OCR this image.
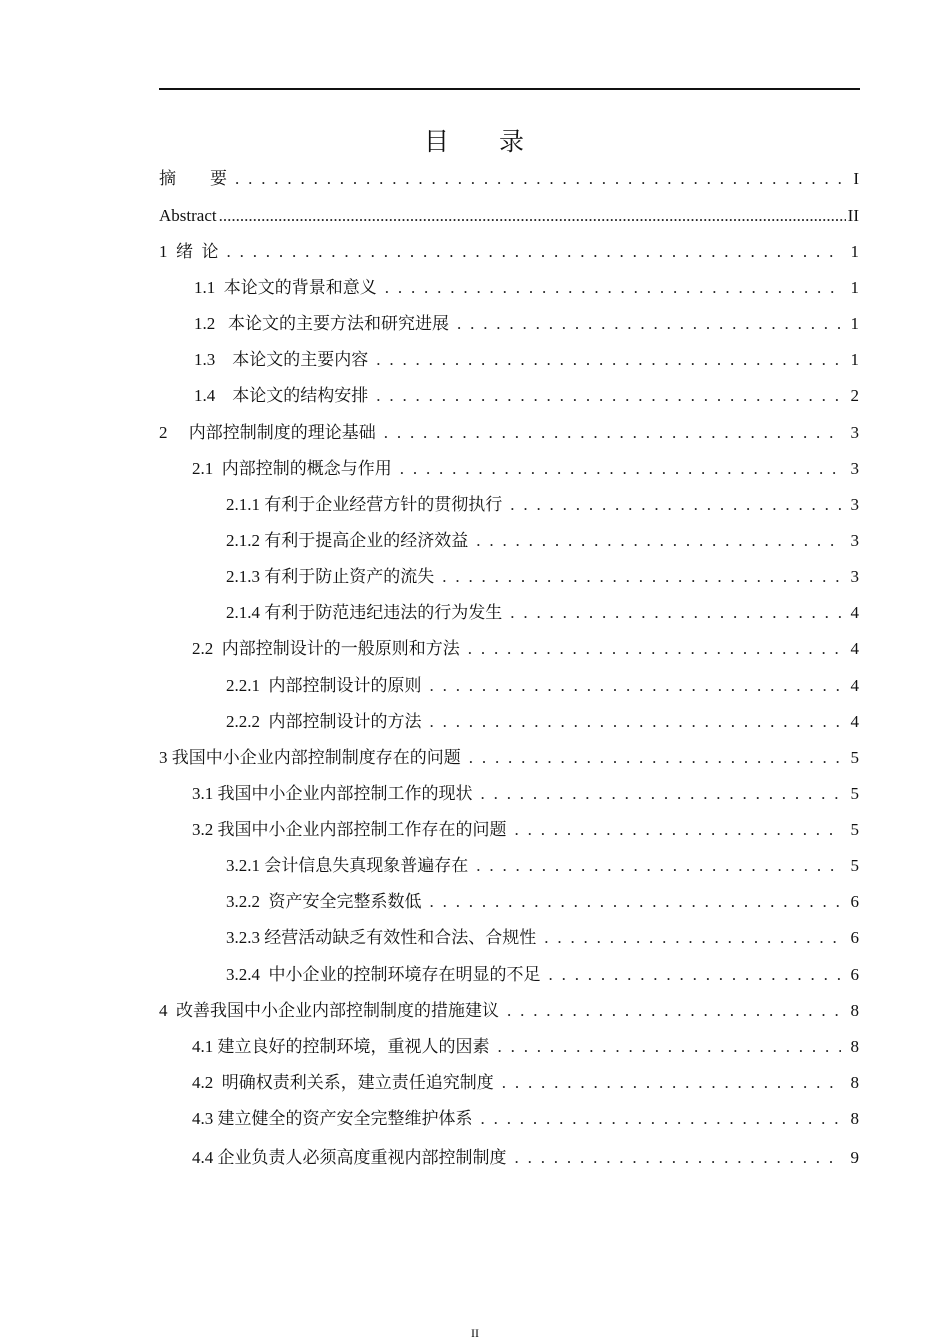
目 录
摘　　要 . . .	I
Abstract .....	II
1  绪  论 . . .	1
1.1  本论文的背景和意义 . . .	1
1.2   本论文的主要方法和研究进展 . . .	1
1.3    本论文的主要内容 . . .	1
1.4    本论文的结构安排 . . .	2
2     内部控制制度的理论基础 . . .	3
2.1  内部控制的概念与作用 . . .	3
2.1.1 有利于企业经营方针的贯彻执行 . . .	3
2.1.2 有利于提高企业的经济效益 . . .	3
2.1.3 有利于防止资产的流失 . . .	3
2.1.4 有利于防范违纪违法的行为发生 . . .	4
2.2  内部控制设计的一般原则和方法 . . .	4
2.2.1  内部控制设计的原则 . . .	4
2.2.2  内部控制设计的方法 . . .	4
3 我国中小企业内部控制制度存在的问题 . . .	5
3.1 我国中小企业内部控制工作的现状 . . .	5
3.2 我国中小企业内部控制工作存在的问题 . . .	5
3.2.1 会计信息失真现象普遍存在 . . .	5
3.2.2  资产安全完整系数低 . . .	6
3.2.3 经营活动缺乏有效性和合法、合规性 . . .	6
3.2.4  中小企业的控制环境存在明显的不足 . . .	6
4  改善我国中小企业内部控制制度的措施建议 . . .	8
4.1 建立良好的控制环境，重视人的因素 . . .	8
4.2  明确权责利关系，建立责任追究制度 . . .	8
4.3 建立健全的资产安全完整维护体系 . . .	8
4.4 企业负责人必须高度重视内部控制制度 . . .	9
II
